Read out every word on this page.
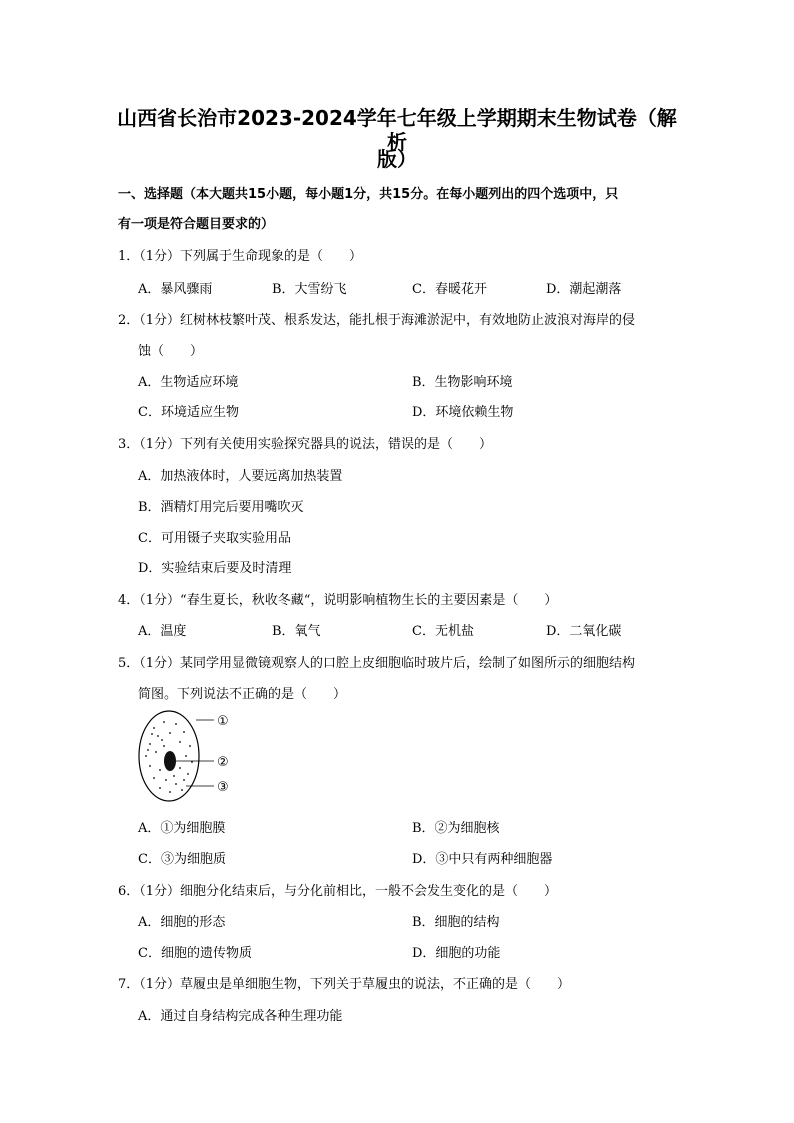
山西省长治市2023-2024学年七年级上学期期末生物试卷（解析
版）
一、选择题（本大题共15小题，每小题1分，共15分。在每小题列出的四个选项中，只
有一项是符合题目要求的）
1．（1分）下列属于生命现象的是（　　）
A．暴风骤雨	B．大雪纷飞	C．春暖花开	D．潮起潮落
2．（1分）红树林枝繁叶茂、根系发达，能扎根于海滩淤泥中，有效地防止波浪对海岸的侵
蚀（　　）
A．生物适应环境	B．生物影响环境
C．环境适应生物	D．环境依赖生物
3．（1分）下列有关使用实验探究器具的说法，错误的是（　　）
A．加热液体时，人要远离加热装置
B．酒精灯用完后要用嘴吹灭
C．可用镊子夹取实验用品
D．实验结束后要及时清理
4．（1分）“春生夏长，秋收冬藏“，说明影响植物生长的主要因素是（　　）
A．温度	B．氧气	C．无机盐	D．二氧化碳
5．（1分）某同学用显微镜观察人的口腔上皮细胞临时玻片后，绘制了如图所示的细胞结构
简图。下列说法不正确的是（　　）
①
②
③
A．①为细胞膜	B．②为细胞核
C．③为细胞质	D．③中只有两种细胞器
6．（1分）细胞分化结束后，与分化前相比，一般不会发生变化的是（　　）
A．细胞的形态	B．细胞的结构
C．细胞的遗传物质	D．细胞的功能
7．（1分）草履虫是单细胞生物，下列关于草履虫的说法，不正确的是（　　）
A．通过自身结构完成各种生理功能
